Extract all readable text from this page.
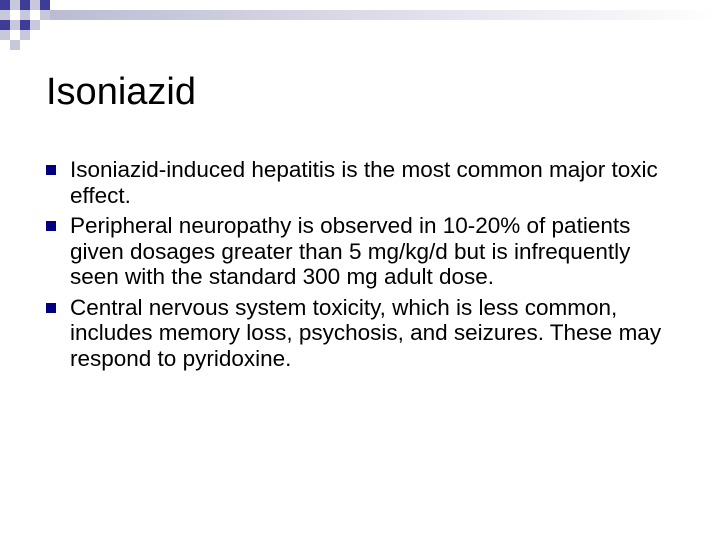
Isoniazid
Isoniazid-induced hepatitis is the most common major toxic effect.
Peripheral neuropathy is observed in 10-20% of patients given dosages greater than 5 mg/kg/d but is infrequently seen with the standard 300 mg adult dose.
Central nervous system toxicity, which is less common, includes memory loss, psychosis, and seizures. These may respond to pyridoxine.
